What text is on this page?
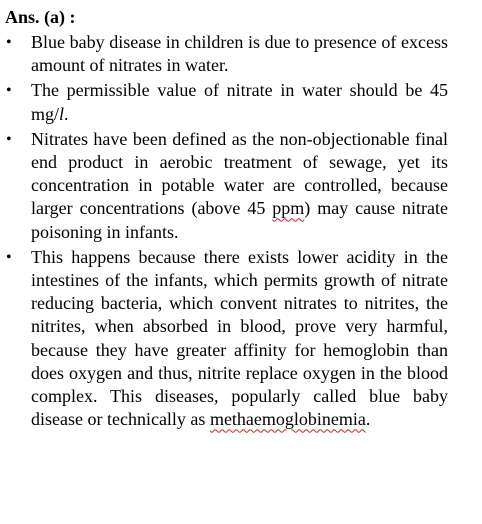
Ans. (a) :
• Blue baby disease in children is due to presence of excess amount of nitrates in water.
• The permissible value of nitrate in water should be 45 mg/l.
• Nitrates have been defined as the non-objectionable final end product in aerobic treatment of sewage, yet its concentration in potable water are controlled, because larger concentrations (above 45 ppm) may cause nitrate poisoning in infants.
• This happens because there exists lower acidity in the intestines of the infants, which permits growth of nitrate reducing bacteria, which convent nitrates to nitrites, the nitrites, when absorbed in blood, prove very harmful, because they have greater affinity for hemoglobin than does oxygen and thus, nitrite replace oxygen in the blood complex. This diseases, popularly called blue baby disease or technically as methaemoglobinemia.
